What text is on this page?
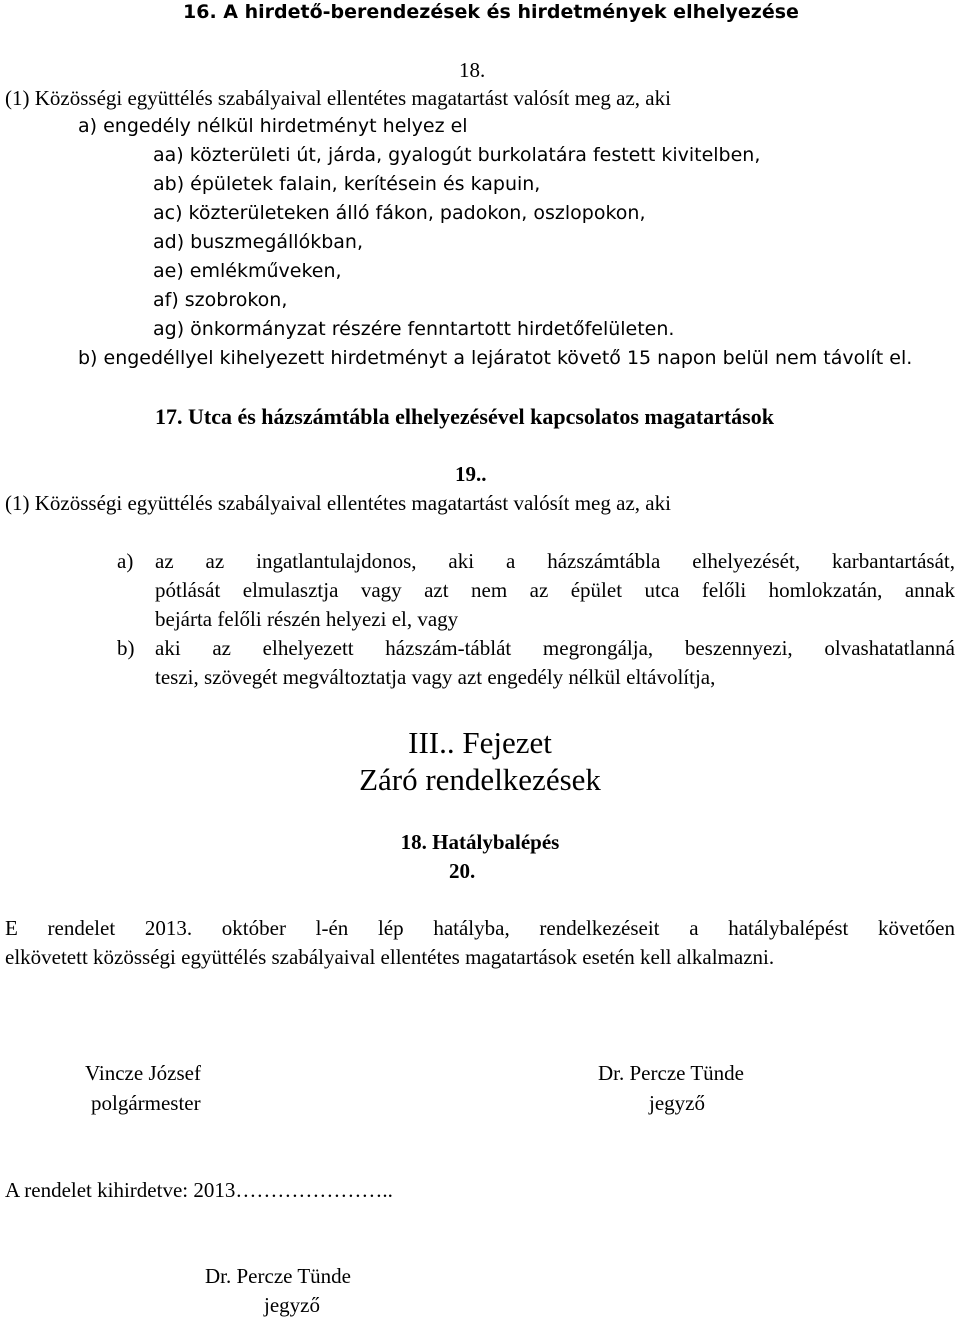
16. A hirdető-berendezések és hirdetmények elhelyezése
18.
(1) Közösségi együttélés szabályaival ellentétes magatartást valósít meg az, aki
a) engedély nélkül hirdetményt helyez el
aa) közterületi út, járda, gyalogút burkolatára festett kivitelben,
ab) épületek falain, kerítésein és kapuin,
ac) közterületeken álló fákon, padokon, oszlopokon,
ad) buszmegállókban,
ae) emlékműveken,
af) szobrokon,
ag) önkormányzat részére fenntartott hirdetőfelületen.
b) engedéllyel kihelyezett hirdetményt a lejáratot követő 15 napon belül nem távolít el.
17. Utca és házszámtábla elhelyezésével kapcsolatos magatartások
19..
(1) Közösségi együttélés szabályaival ellentétes magatartást valósít meg az, aki
a) az az ingatlantulajdonos, aki a házszámtábla elhelyezését, karbantartását,
pótlását elmulasztja vagy azt nem az épület utca felőli homlokzatán, annak
bejárta felőli részén helyezi el, vagy
b) aki az elhelyezett házszám-táblát megrongálja, beszennyezi, olvashatatlanná
teszi, szövegét megváltoztatja vagy azt engedély nélkül eltávolítja,
III.. Fejezet
Záró rendelkezések
18. Hatálybalépés
20.
E rendelet 2013. október l-én lép hatályba, rendelkezéseit a hatálybalépést követően
elkövetett közösségi együttélés szabályaival ellentétes magatartások esetén kell alkalmazni.
Vincze József
polgármester
Dr. Percze Tünde
jegyző
A rendelet kihirdetve: 2013…………………..
Dr. Percze Tünde
jegyző
